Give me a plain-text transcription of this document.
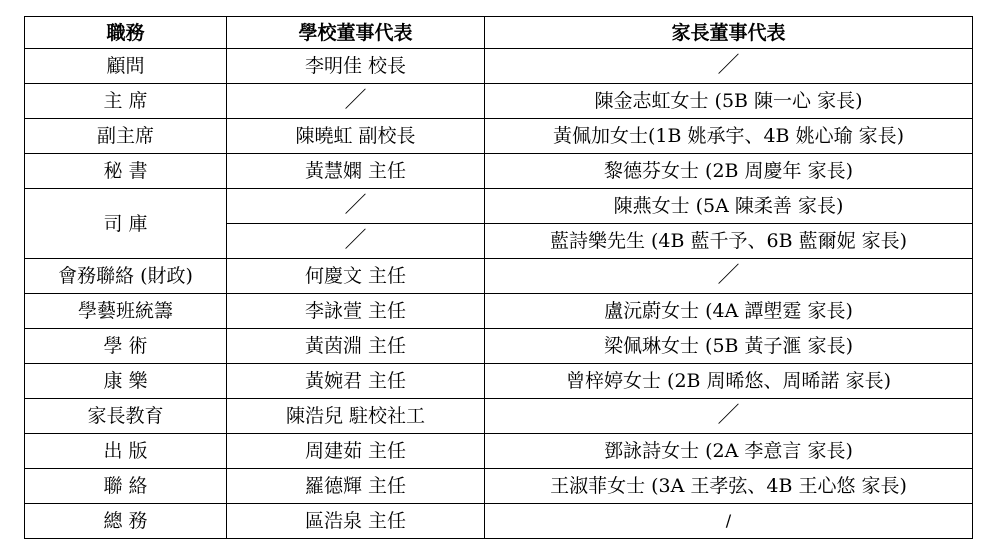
職務	學校董事代表	家長董事代表
顧問	李明佳 校長	／
主 席	／	陳金志虹女士 (5B 陳一心 家長)
副主席	陳曉虹 副校長	黃佩加女士(1B 姚承宇、4B 姚心瑜 家長)
秘 書	黃慧嫻 主任	黎德芬女士 (2B 周慶年 家長)
司 庫	／	陳燕女士 (5A 陳柔善 家長)
	／	藍詩樂先生 (4B 藍千予、6B 藍爾妮 家長)
會務聯絡 (財政)	何慶文 主任	／
學藝班統籌	李詠萱 主任	盧沅蔚女士 (4A 譚塱霆 家長)
學 術	黃茵淵 主任	梁佩琳女士 (5B 黃子滙 家長)
康 樂	黃婉君 主任	曾梓婷女士 (2B 周晞悠、周晞諾 家長)
家長教育	陳浩兒 駐校社工	／
出 版	周建茹 主任	鄧詠詩女士 (2A 李意言 家長)
聯 絡	羅德輝 主任	王淑菲女士 (3A 王孝弦、4B 王心悠 家長)
總 務	區浩泉 主任	/
